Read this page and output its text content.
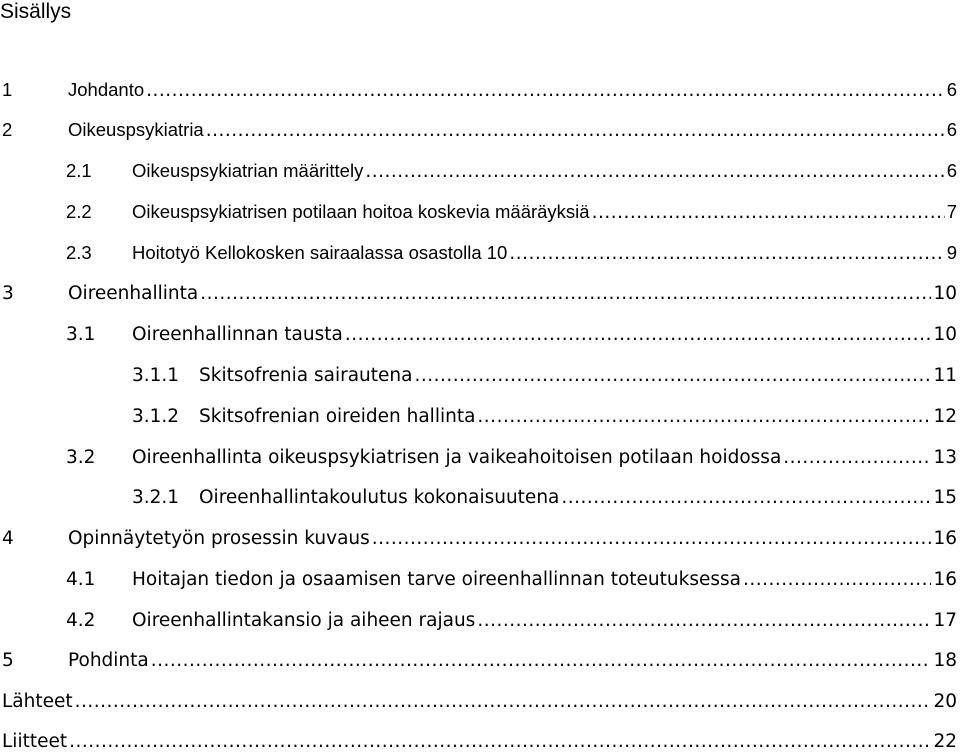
Sisällys
1	Johdanto .....	6
2	Oikeuspsykiatria .....	6
2.1	Oikeuspsykiatrian määrittely .....	6
2.2	Oikeuspsykiatrisen potilaan hoitoa koskevia määräyksiä .....	7
2.3	Hoitotyö Kellokosken sairaalassa osastolla 10 .....	9
3	Oireenhallinta .....	10
3.1	Oireenhallinnan tausta .....	10
3.1.1	Skitsofrenia sairautena .....	11
3.1.2	Skitsofrenian oireiden hallinta .....	12
3.2	Oireenhallinta oikeuspsykiatrisen ja vaikeahoitoisen potilaan hoidossa .....	13
3.2.1	Oireenhallintakoulutus kokonaisuutena .....	15
4	Opinnäytetyön prosessin kuvaus .....	16
4.1	Hoitajan tiedon ja osaamisen tarve oireenhallinnan toteutuksessa .....	16
4.2	Oireenhallintakansio ja aiheen rajaus .....	17
5	Pohdinta .....	18
Lähteet .....	20
Liitteet .....	22
